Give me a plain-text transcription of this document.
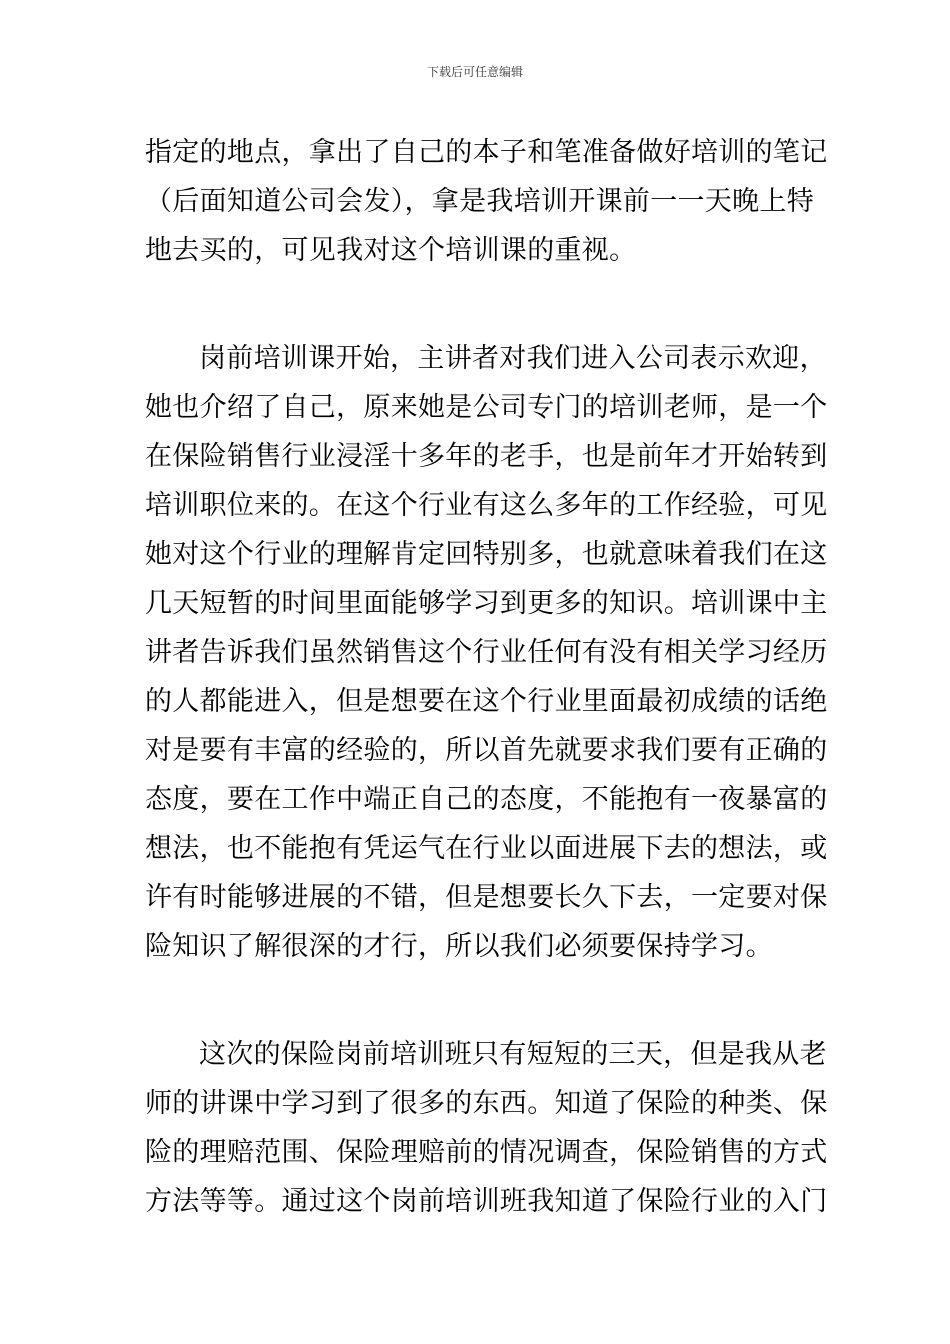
下载后可任意编辑
指定的地点，拿出了自己的本子和笔准备做好培训的笔记
（后面知道公司会发），拿是我培训开课前一一天晚上特
地去买的，可见我对这个培训课的重视。
岗前培训课开始，主讲者对我们进入公司表示欢迎，
她也介绍了自己，原来她是公司专门的培训老师，是一个
在保险销售行业浸淫十多年的老手，也是前年才开始转到
培训职位来的。在这个行业有这么多年的工作经验，可见
她对这个行业的理解肯定回特别多，也就意味着我们在这
几天短暂的时间里面能够学习到更多的知识。培训课中主
讲者告诉我们虽然销售这个行业任何有没有相关学习经历
的人都能进入，但是想要在这个行业里面最初成绩的话绝
对是要有丰富的经验的，所以首先就要求我们要有正确的
态度，要在工作中端正自己的态度，不能抱有一夜暴富的
想法，也不能抱有凭运气在行业以面进展下去的想法，或
许有时能够进展的不错，但是想要长久下去，一定要对保
险知识了解很深的才行，所以我们必须要保持学习。
这次的保险岗前培训班只有短短的三天，但是我从老
师的讲课中学习到了很多的东西。知道了保险的种类、保
险的理赔范围、保险理赔前的情况调查，保险销售的方式
方法等等。通过这个岗前培训班我知道了保险行业的入门
